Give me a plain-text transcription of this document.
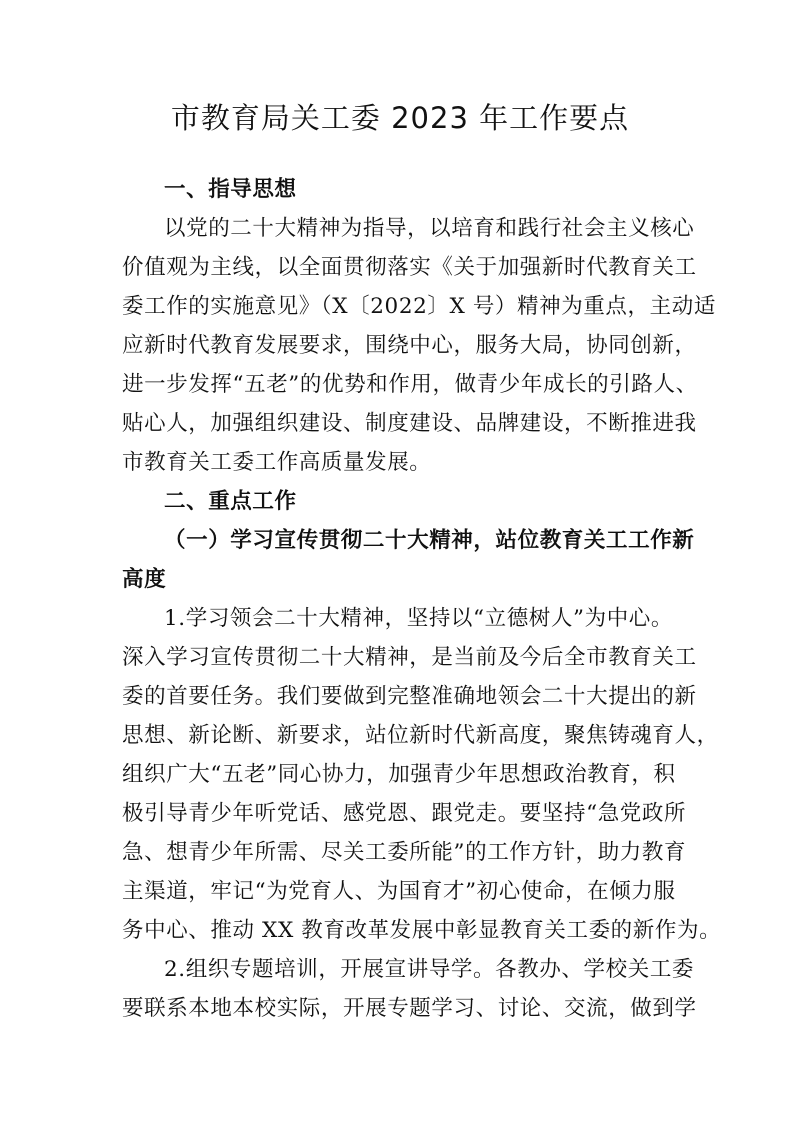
市教育局关工委 2023 年工作要点
一、指导思想
以党的二十大精神为指导，以培育和践行社会主义核心
价值观为主线，以全面贯彻落实《关于加强新时代教育关工
委工作的实施意见》（X〔2022〕X 号）精神为重点，主动适
应新时代教育发展要求，围绕中心，服务大局，协同创新，
进一步发挥“五老”的优势和作用，做青少年成长的引路人、
贴心人，加强组织建设、制度建设、品牌建设，不断推进我
市教育关工委工作高质量发展。
二、重点工作
（一）学习宣传贯彻二十大精神，站位教育关工工作新
高度
1.学习领会二十大精神，坚持以“立德树人”为中心。
深入学习宣传贯彻二十大精神，是当前及今后全市教育关工
委的首要任务。我们要做到完整准确地领会二十大提出的新
思想、新论断、新要求，站位新时代新高度，聚焦铸魂育人，
组织广大“五老”同心协力，加强青少年思想政治教育，积
极引导青少年听党话、感党恩、跟党走。要坚持“急党政所
急、想青少年所需、尽关工委所能”的工作方针，助力教育
主渠道，牢记“为党育人、为国育才”初心使命，在倾力服
务中心、推动 XX 教育改革发展中彰显教育关工委的新作为。
2.组织专题培训，开展宣讲导学。各教办、学校关工委
要联系本地本校实际，开展专题学习、讨论、交流，做到学
